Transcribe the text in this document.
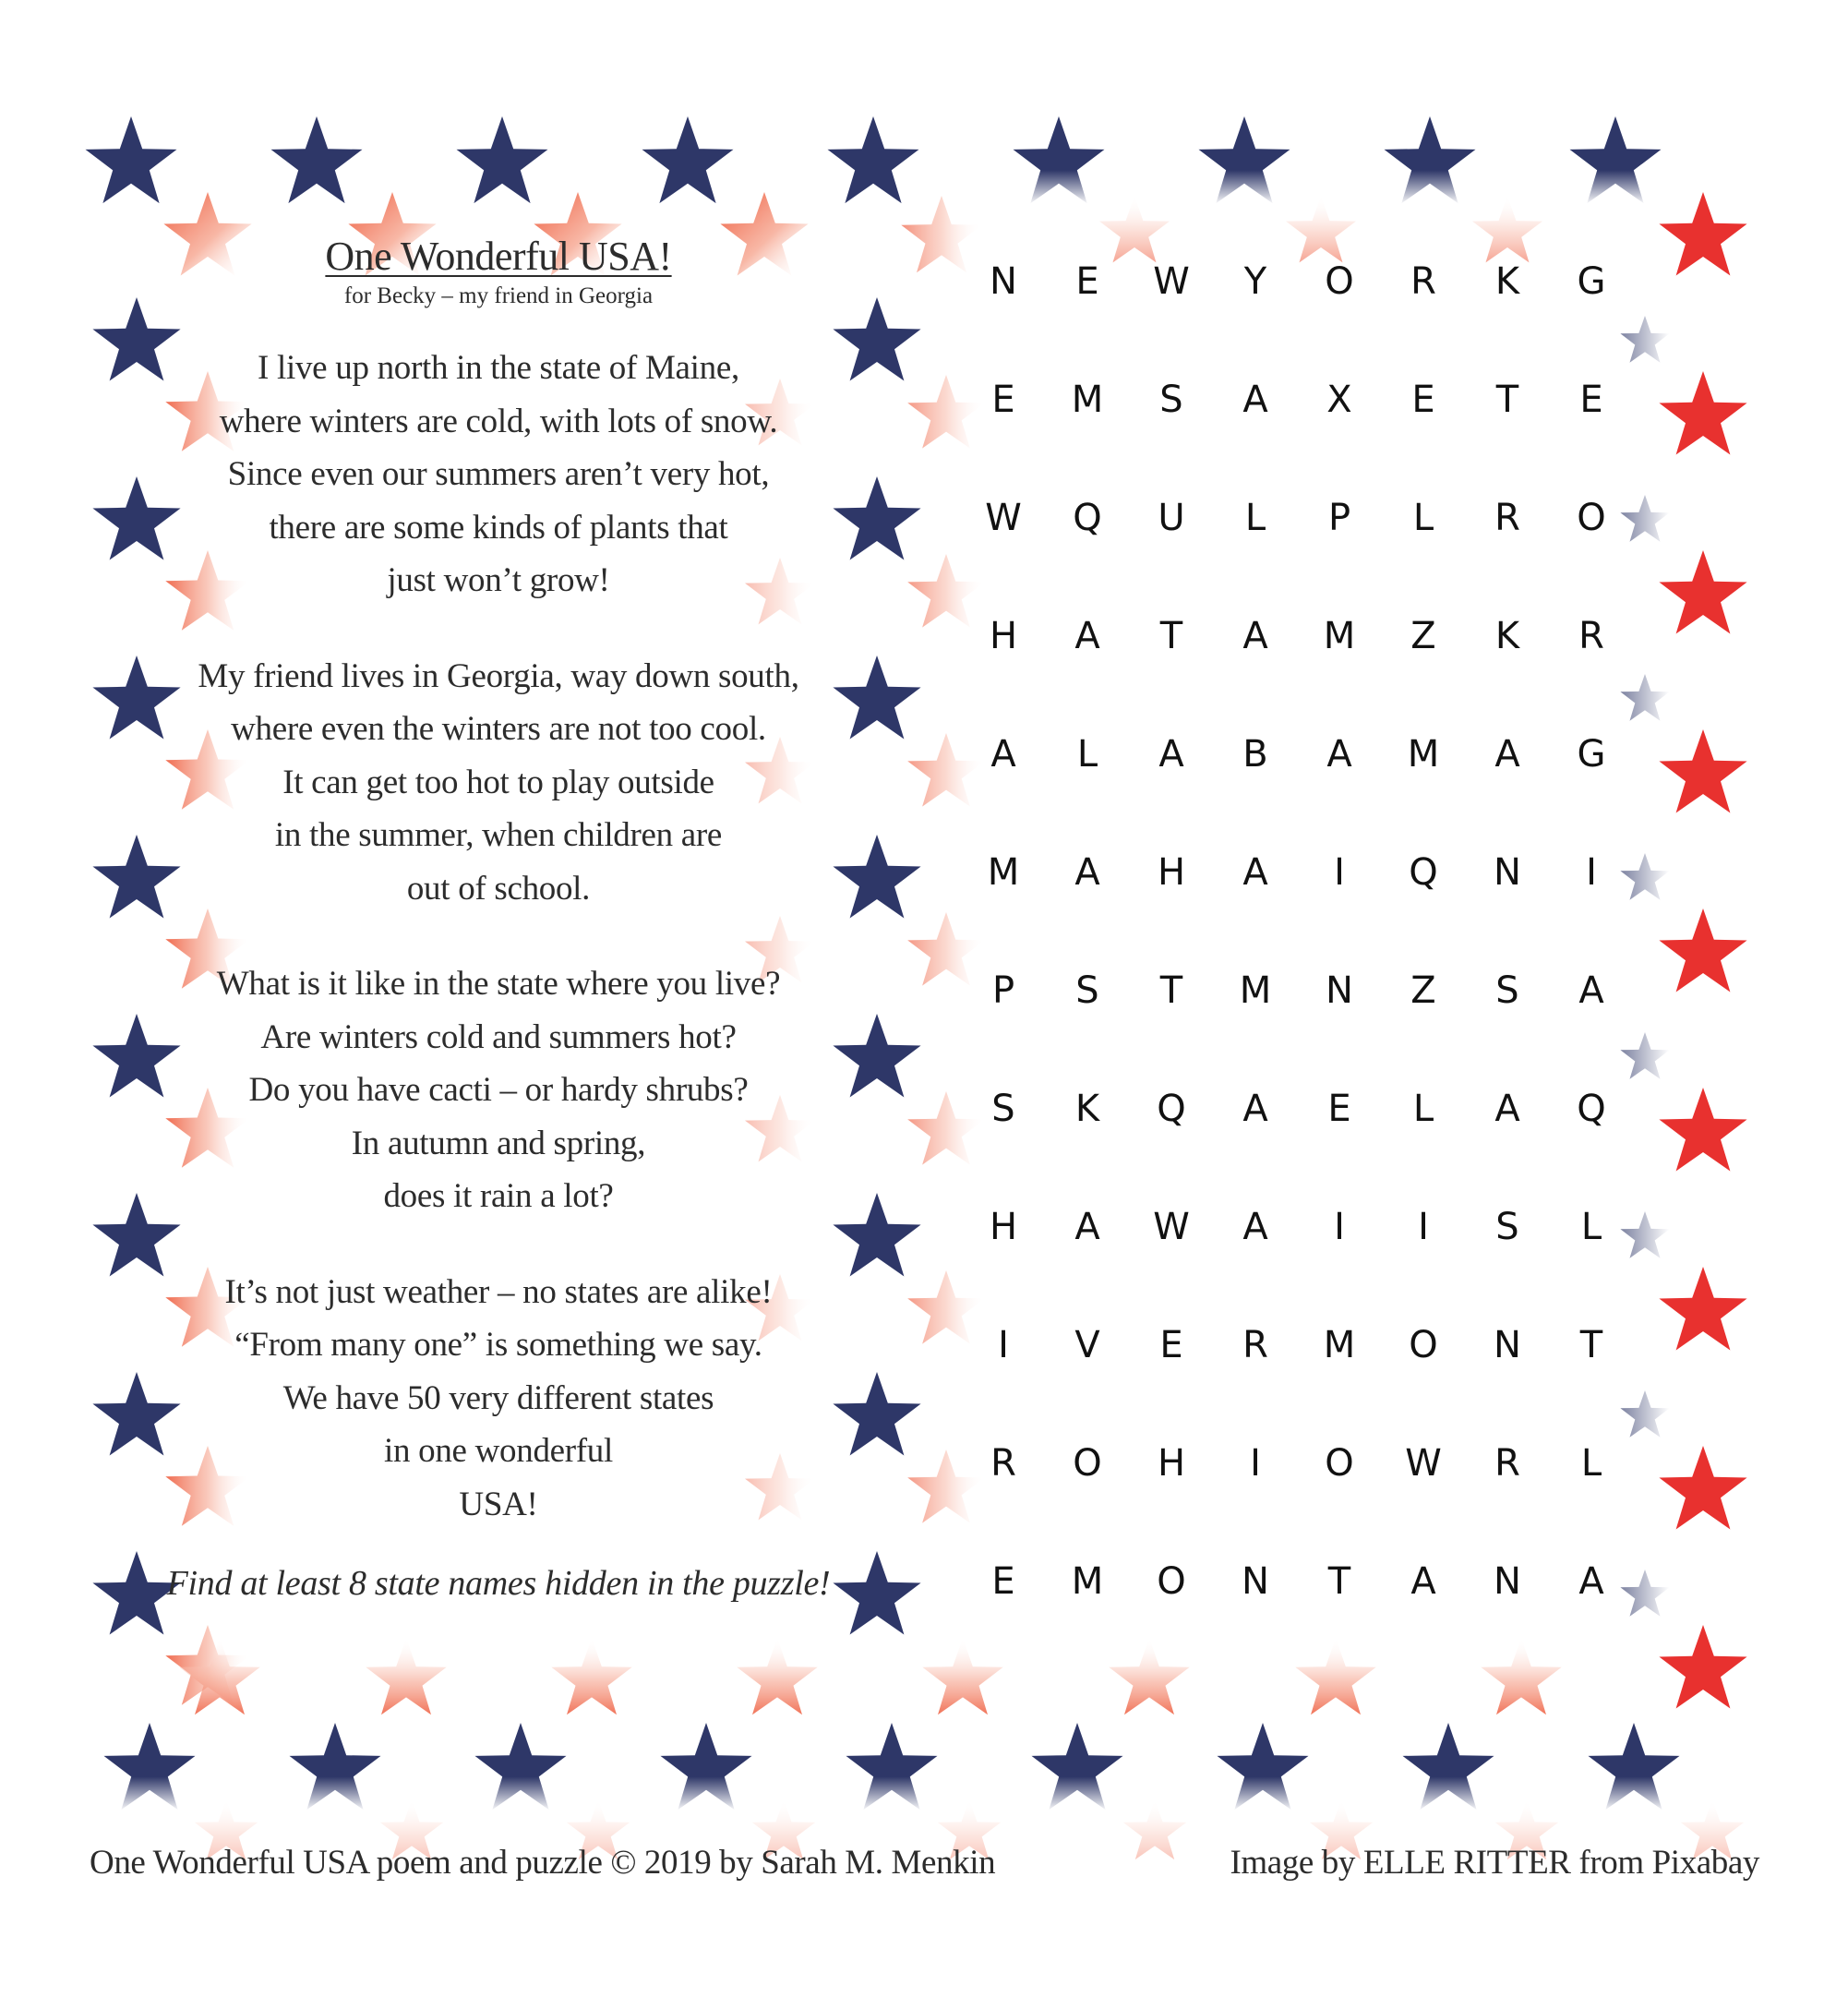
One Wonderful USA!

for Becky – my friend in Georgia

I live up north in the state of Maine,
where winters are cold, with lots of snow.
Since even our summers aren’t very hot,
there are some kinds of plants that
just won’t grow!
My friend lives in Georgia, way down south,
where even the winters are not too cool.
It can get too hot to play outside
in the summer, when children are
out of school.
What is it like in the state where you live?
Are winters cold and summers hot?
Do you have cacti – or hardy shrubs?
In autumn and spring,
does it rain a lot?
It’s not just weather – no states are alike!
“From many one” is something we say.
We have 50 very different states
in one wonderful
USA!

Find at least 8 state names hidden in the puzzle!

N	E	W	Y	O	R	K	G
E	M	S	A	X	E	T	E
W	Q	U	L	P	L	R	O
H	A	T	A	M	Z	K	R
A	L	A	B	A	M	A	G
M	A	H	A	I	Q	N	I
P	S	T	M	N	Z	S	A
S	K	Q	A	E	L	A	Q
H	A	W	A	I	I	S	L
I	V	E	R	M	O	N	T
R	O	H	I	O	W	R	L
E	M	O	N	T	A	N	A
One Wonderful USA poem and puzzle © 2019 by Sarah M. Menkin	Image by ELLE RITTER from Pixabay
